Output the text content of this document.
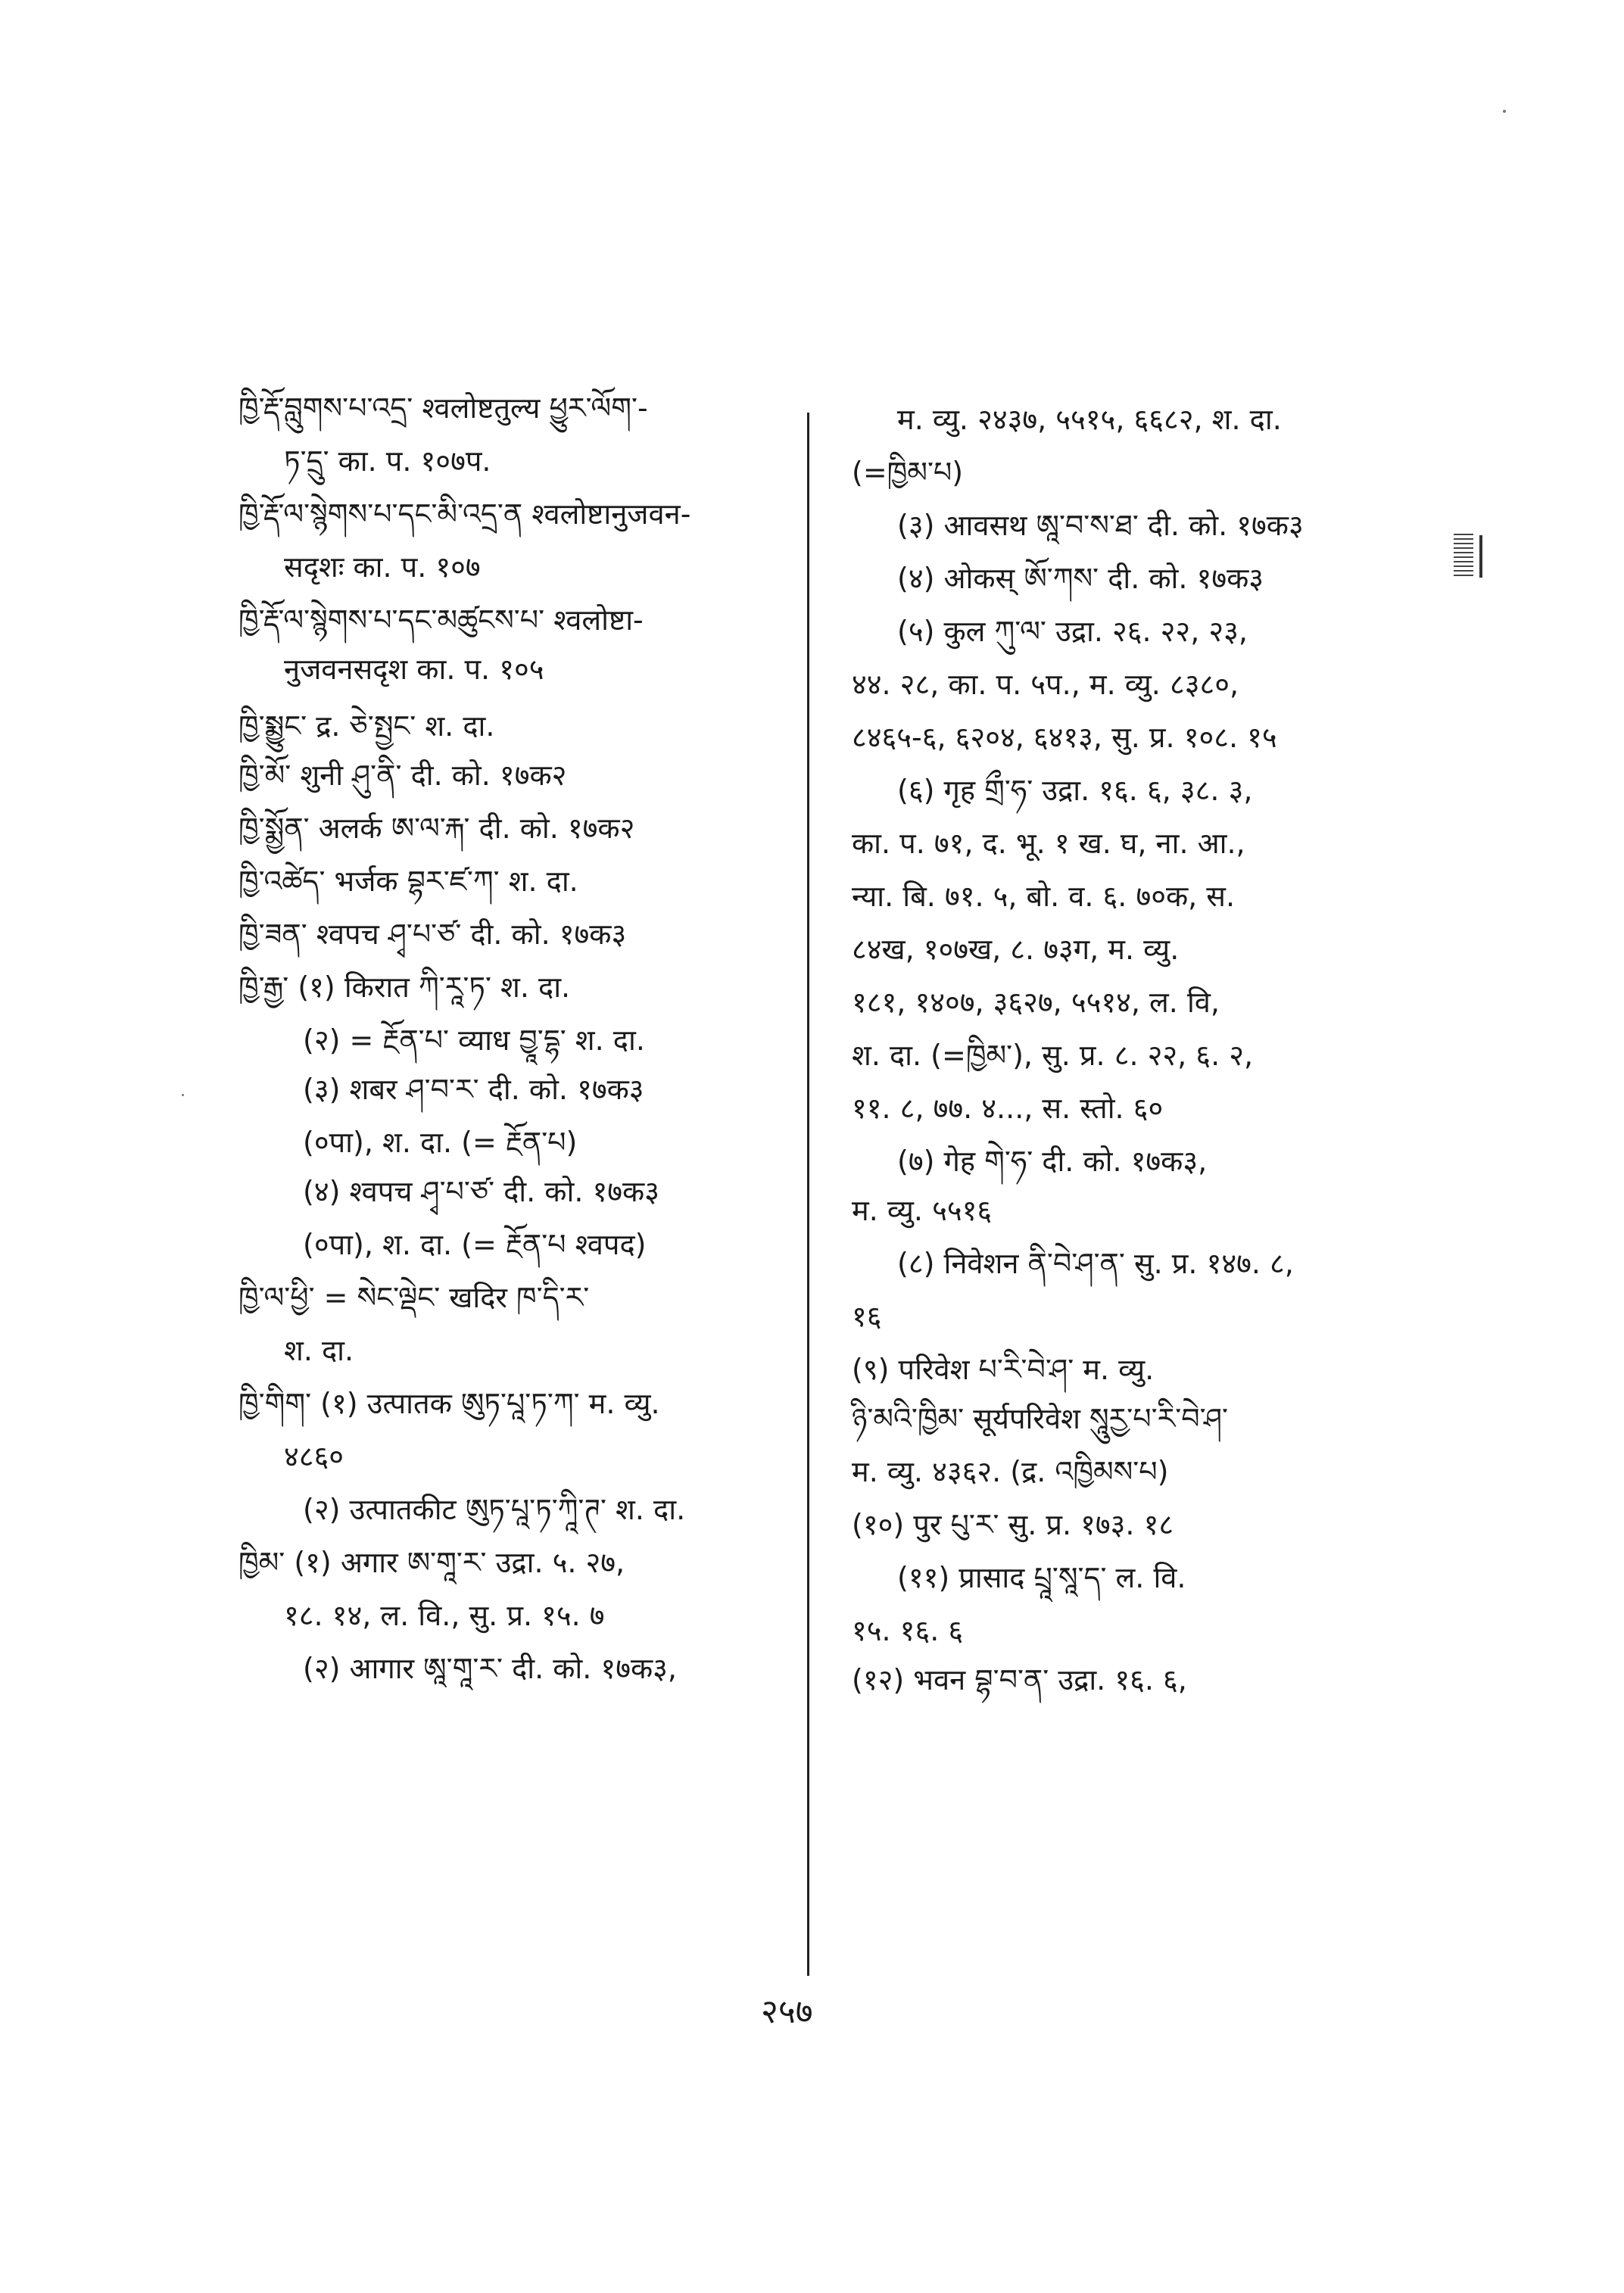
ཁྱི་རྡོ་བླུགས་པ་འདྲ་ श्वलोष्टतुल्य ཕྱུར་ལོག་-
ཏ་དྲུ་ का. प. १०७प.
ཁྱི་རྡོ་ལ་སྙེགས་པ་དང་མི་འདྲ་ན श्वलोष्टानुजवन-
सदृशः का. प. १०७
ཁྱི་རྡོ་ལ་སྙེགས་པ་དང་མཚུངས་པ་ श्वलोष्टा-
नुजवनसदृश का. प. १०५
ཁྱི་སྨྱུང་ द्र. ཅེ་སྤྱང་ श. दा.
ཁྱི་མོ་ शुनी ཤུ་ནི་ दी. को. १७क२
ཁྱི་སྨྱོན་ अलर्क ཨ་ལ་རྐ་ दी. को. १७क२
ཁྱི་འཚེད་ भर्जक བྷར་ཛ་ཀ་ श. दा.
ཁྱི་ཟན་ श्वपच ཤྭ་པ་ཙ་ दी. को. १७क३
ཁྱི་རྒྱ་ (१) किरात ཀི་རཱ་ཏ་ श. दा.
(२) = རྔོན་པ་ व्याध བྱཱ་དྷ་ श. दा.
(३) शबर ཤ་བ་ར་ दी. को. १७क३
(०पा), श. दा. (= རྔོན་པ)
(४) श्वपच ཤྭ་པ་ཙ་ दी. को. १७क३
(०पा), श. दा. (= རྔོན་པ श्वपद)
ཁྱི་ལ་ཕྱི་ = སེང་ལྡེང་ खदिर ཁ་དི་ར་
श. दा.
ཁྱི་གིག་ (१) उत्पातक ཨུཏ་པཱ་ཏ་ཀ་ म. व्यु.
४८६०
(२) उत्पातकीट ཨུཏ་པཱ་ཏ་ཀཱི་ཊ་ श. दा.
ཁྱིམ་ (१) अगार ཨ་གཱ་ར་ उद्रा. ५. २७,
१८. १४, ल. वि., सु. प्र. १५. ७
(२) आगार ཨཱ་གཱ་ར་ दी. को. १७क३,
म. व्यु. २४३७, ५५१५, ६६८२, श. दा.
(=ཁྱིམ་པ)
(३) आवसथ ཨཱ་བ་ས་ཐ་ दी. को. १७क३
(४) ओकस् ཨོ་ཀས་ दी. को. १७क३
(५) कुल ཀུ་ལ་ उद्रा. २६. २२, २३,
४४. २८, का. प. ५प., म. व्यु. ८३८०,
८४६५-६, ६२०४, ६४१३, सु. प्र. १०८. १५
(६) गृह གྲྀ་ཧ་ उद्रा. १६. ६, ३८. ३,
का. प. ७१, द. भू. १ ख. घ, ना. आ.,
न्या. बि. ७१. ५, बो. व. ६. ७०क, स.
८४ख, १०७ख, ८. ७३ग, म. व्यु.
१८१, १४०७, ३६२७, ५५१४, ल. वि,
श. दा. (=ཁྱིམ་), सु. प्र. ८. २२, ६. २,
११. ८, ७७. ४..., स. स्तो. ६०
(७) गेह གེ་ཧ་ दी. को. १७क३,
म. व्यु. ५५१६
(८) निवेशन ནི་བེ་ཤ་ན་ सु. प्र. १४७. ८,
१६
(९) परिवेश པ་རི་བེ་ཤ་ म. व्यु.
ཉི་མའི་ཁྱིམ་ सूर्यपरिवेश སཱུརྱ་པ་རི་བེ་ཤ་
म. व्यु. ४३६२. (द्र. འཁྱིམས་པ)
(१०) पुर པུ་ར་ सु. प्र. १७३. १८
(११) प्रासाद པྲཱ་སཱ་ད་ ल. वि.
१५. १६. ६
(१२) भवन བྷ་བ་ན་ उद्रा. १६. ६,
२५७
